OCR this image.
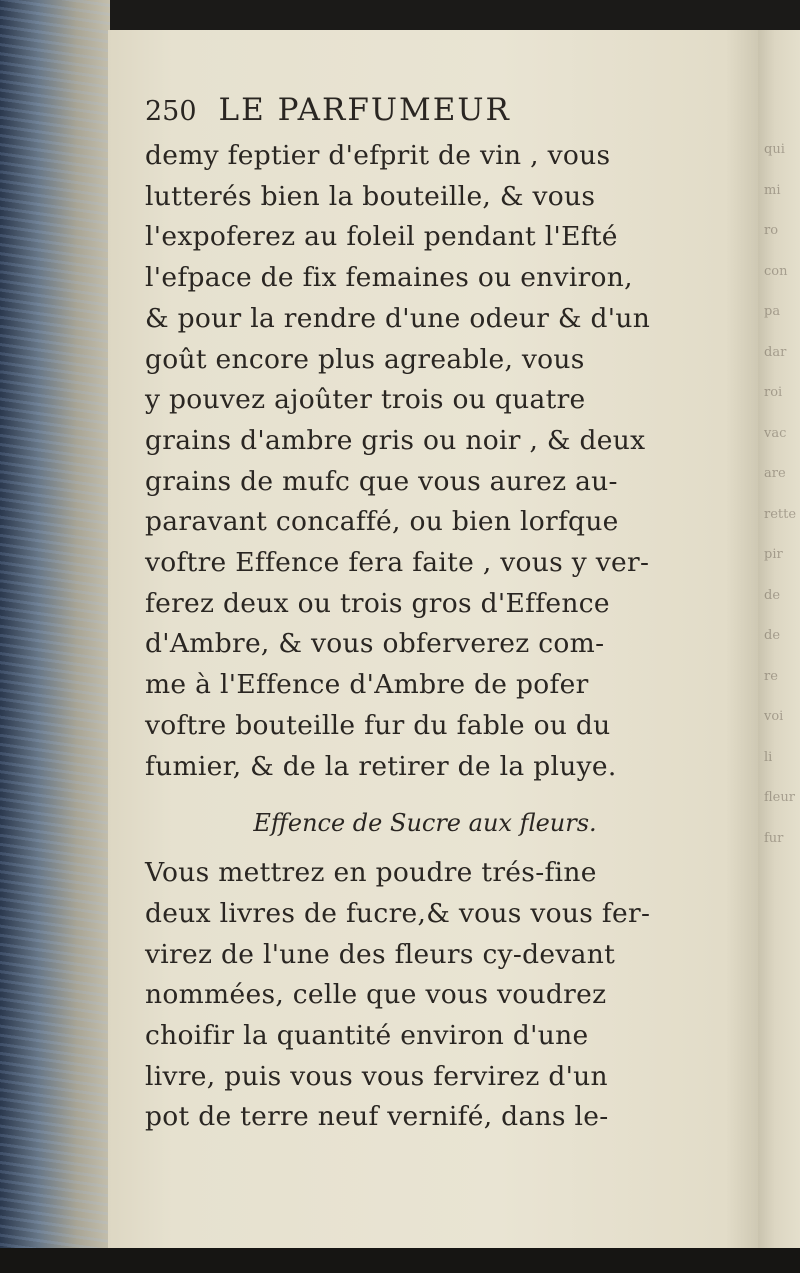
qui
mi
ro
con
pa
dar
roi
vac
are
rette
pir
de
de
re
voi
li
fleur
fur
250 LE PARFUMEUR
demy feptier d'efprit de vin , vous
lutterés bien la bouteille, & vous
l'expoferez au foleil pendant l'Efté
l'efpace de fix femaines ou environ,
& pour la rendre d'une odeur & d'un
goût encore plus agreable, vous
y pouvez ajoûter trois ou quatre
grains d'ambre gris ou noir , & deux
grains de mufc que vous aurez au-
paravant concaffé, ou bien lorfque
voftre Effence fera faite , vous y ver-
ferez deux ou trois gros d'Effence
d'Ambre, & vous obferverez com-
me à l'Effence d'Ambre de pofer
voftre bouteille fur du fable ou du
fumier, & de la retirer de la pluye.
Effence de Sucre aux fleurs.
Vous mettrez en poudre trés-fine
deux livres de fucre,& vous vous fer-
virez de l'une des fleurs cy-devant
nommées, celle que vous voudrez
choifir la quantité environ d'une
livre, puis vous vous fervirez d'un
pot de terre neuf vernifé, dans le-
